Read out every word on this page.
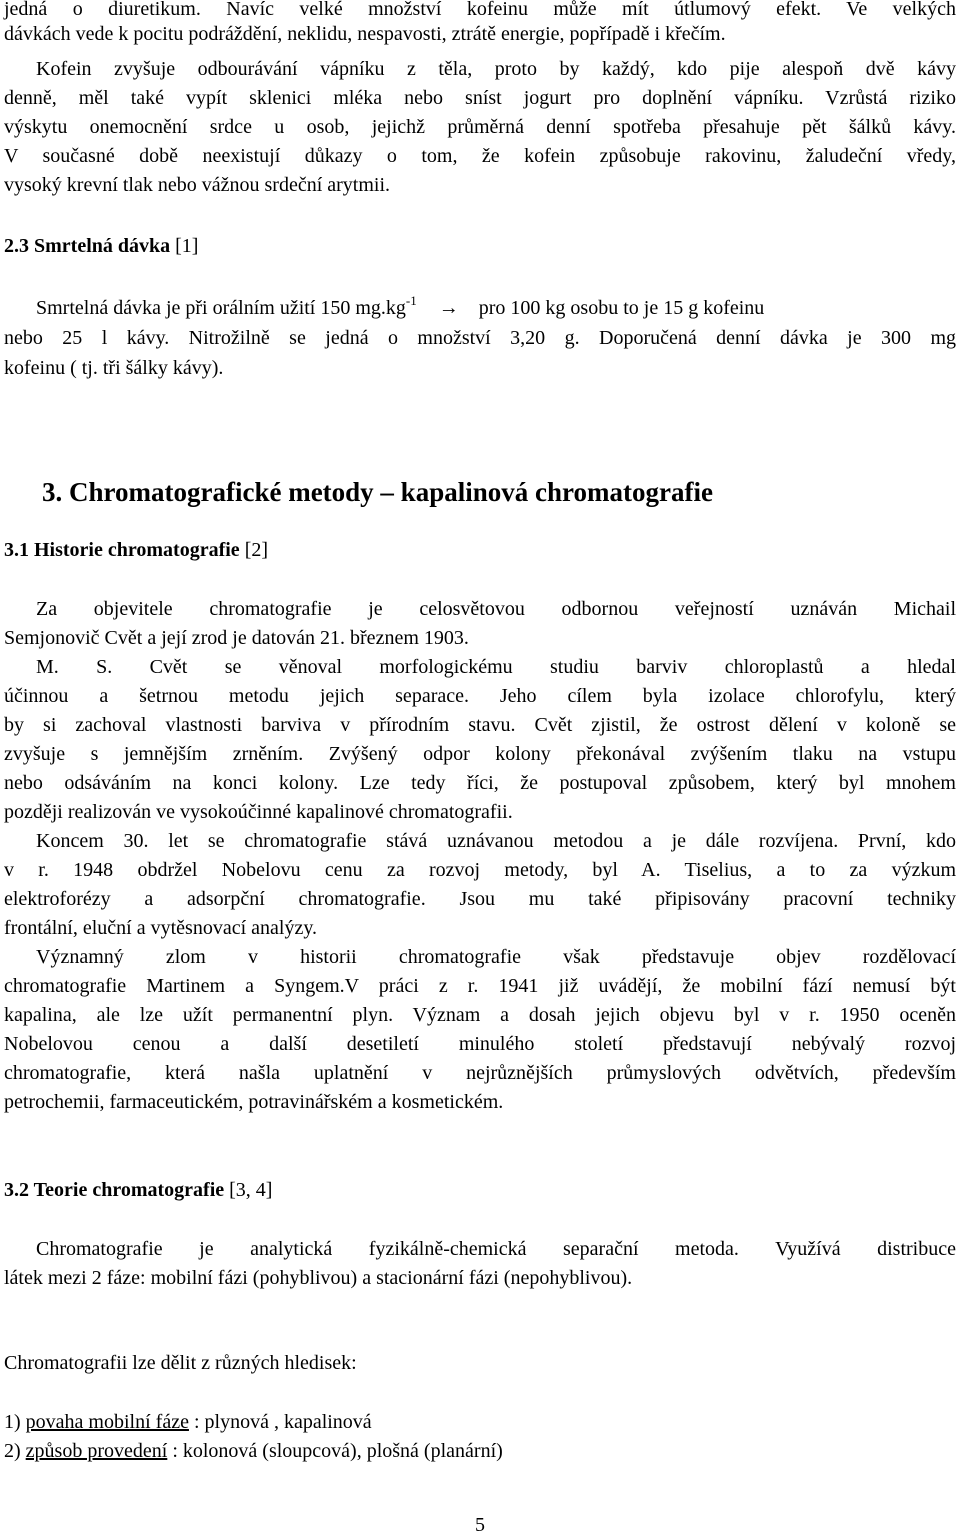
jedná o diuretikum. Navíc velké množství kofeinu může mít útlumový efekt. Ve velkých
dávkách vede k pocitu podráždění, neklidu, nespavosti, ztrátě energie, popřípadě i křečím.
Kofein zvyšuje odbourávání vápníku z těla, proto by každý, kdo pije alespoň dvě kávy
denně, měl také vypít sklenici mléka nebo sníst jogurt pro doplnění vápníku. Vzrůstá riziko
výskytu onemocnění srdce u osob, jejichž průměrná denní spotřeba přesahuje pět šálků kávy.
V současné době neexistují důkazy o tom, že kofein způsobuje rakovinu, žaludeční vředy,
vysoký krevní tlak nebo vážnou srdeční arytmii.
2.3 Smrtelná dávka [1]
Smrtelná dávka je při orálním užití 150 $mg.kg^{-1}$ → pro 100 kg osobu to je 15 g kofeinu
nebo 25 l kávy. Nitrožilně se jedná o množství 3,20 g. Doporučená denní dávka je 300 mg
kofeinu ( tj. tři šálky kávy).
3. Chromatografické metody – kapalinová chromatografie
3.1 Historie chromatografie [2]
Za objevitele chromatografie je celosvětovou odbornou veřejností uznáván Michail
Semjonovič Cvět a její zrod je datován 21. březnem 1903.
M. S. Cvět se věnoval morfologickému studiu barviv chloroplastů a hledal
účinnou a šetrnou metodu jejich separace. Jeho cílem byla izolace chlorofylu, který
by si zachoval vlastnosti barviva v přírodním stavu. Cvět zjistil, že ostrost dělení v koloně se
zvyšuje s jemnějším zrněním. Zvýšený odpor kolony překonával zvýšením tlaku na vstupu
nebo odsáváním na konci kolony. Lze tedy říci, že postupoval způsobem, který byl mnohem
později realizován ve vysokoúčinné kapalinové chromatografii.
Koncem 30. let se chromatografie stává uznávanou metodou a je dále rozvíjena. První, kdo
v r. 1948 obdržel Nobelovu cenu za rozvoj metody, byl A. Tiselius, a to za výzkum
elektroforézy a adsorpční chromatografie. Jsou mu také připisovány pracovní techniky
frontální, eluční a vytěsnovací analýzy.
Významný zlom v historii chromatografie však představuje objev rozdělovací
chromatografie Martinem a Syngem.V práci z r. 1941 již uvádějí, že mobilní fází nemusí být
kapalina, ale lze užít permanentní plyn. Význam a dosah jejich objevu byl v r. 1950 oceněn
Nobelovou cenou a další desetiletí minulého století představují nebývalý rozvoj
chromatografie, která našla uplatnění v nejrůznějších průmyslových odvětvích, především
petrochemii, farmaceutickém, potravinářském a kosmetickém.
3.2 Teorie chromatografie [3, 4]
Chromatografie je analytická fyzikálně-chemická separační metoda. Využívá distribuce
látek mezi 2 fáze: mobilní fázi (pohyblivou) a stacionární fázi (nepohyblivou).
Chromatografii lze dělit z různých hledisek:
1) povaha mobilní fáze : plynová , kapalinová
2) způsob provedení : kolonová (sloupcová), plošná (planární)
5
